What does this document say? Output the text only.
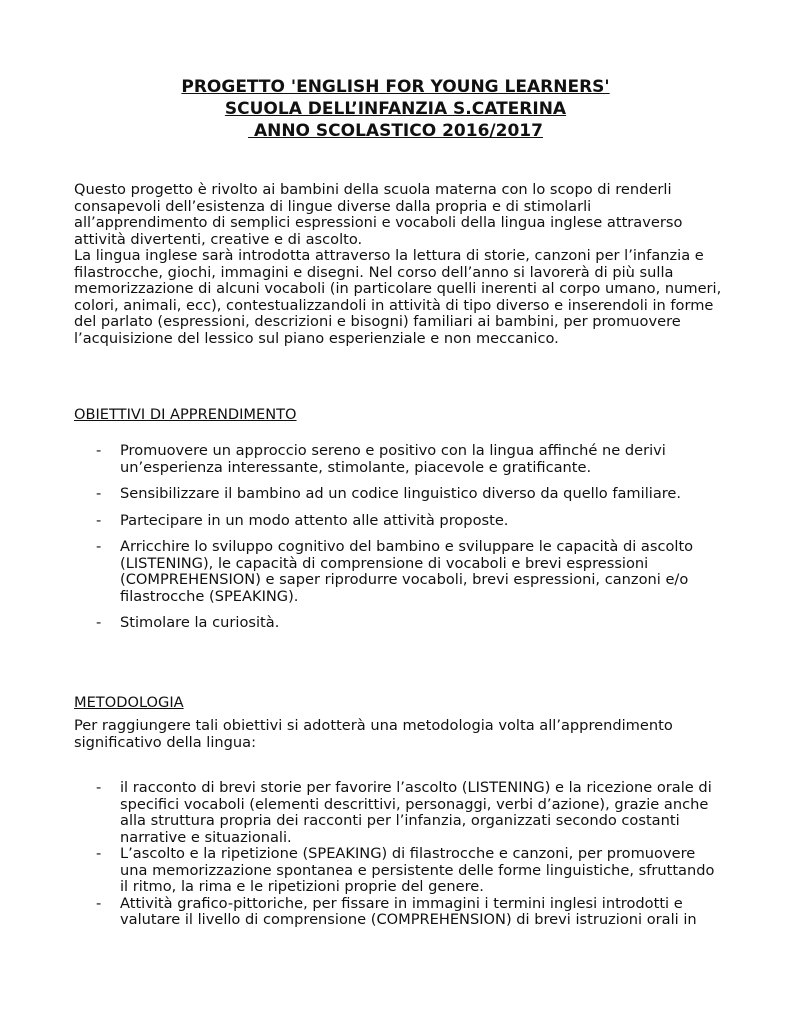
PROGETTO 'ENGLISH FOR YOUNG LEARNERS'
SCUOLA DELL’INFANZIA S.CATERINA
ANNO SCOLASTICO 2016/2017

Questo progetto è rivolto ai bambini della scuola materna con lo scopo di renderli consapevoli dell’esistenza di lingue diverse dalla propria e di stimolarli all’apprendimento di semplici espressioni e vocaboli della lingua inglese attraverso attività divertenti, creative e di ascolto.

La lingua inglese sarà introdotta attraverso la lettura di storie, canzoni per l’infanzia e filastrocche, giochi, immagini e disegni. Nel corso dell’anno si lavorerà di più sulla memorizzazione di alcuni vocaboli (in particolare quelli inerenti al corpo umano, numeri, colori, animali, ecc), contestualizzandoli in attività di tipo diverso e inserendoli in forme del parlato (espressioni, descrizioni e bisogni) familiari ai bambini, per promuovere l’acquisizione del lessico sul piano esperienziale e non meccanico.

OBIETTIVI DI APPRENDIMENTO

- Promuovere un approccio sereno e positivo con la lingua affinché ne derivi un’esperienza interessante, stimolante, piacevole e gratificante.
- Sensibilizzare il bambino ad un codice linguistico diverso da quello familiare.
- Partecipare in un modo attento alle attività proposte.
- Arricchire lo sviluppo cognitivo del bambino e sviluppare le capacità di ascolto (LISTENING), le capacità di comprensione di vocaboli e brevi espressioni (COMPREHENSION) e saper riprodurre vocaboli, brevi espressioni, canzoni e/o filastrocche (SPEAKING).
- Stimolare la curiosità.

METODOLOGIA

Per raggiungere tali obiettivi si adotterà una metodologia volta all’apprendimento significativo della lingua:

- il racconto di brevi storie per favorire l’ascolto (LISTENING) e la ricezione orale di specifici vocaboli (elementi descrittivi, personaggi, verbi d’azione), grazie anche alla struttura propria dei racconti per l’infanzia, organizzati secondo costanti narrative e situazionali.
- L’ascolto e la ripetizione (SPEAKING) di filastrocche e canzoni, per promuovere una memorizzazione spontanea e persistente delle forme linguistiche, sfruttando il ritmo, la rima e le ripetizioni proprie del genere.
- Attività grafico-pittoriche, per fissare in immagini i termini inglesi introdotti e valutare il livello di comprensione (COMPREHENSION) di brevi istruzioni orali in
